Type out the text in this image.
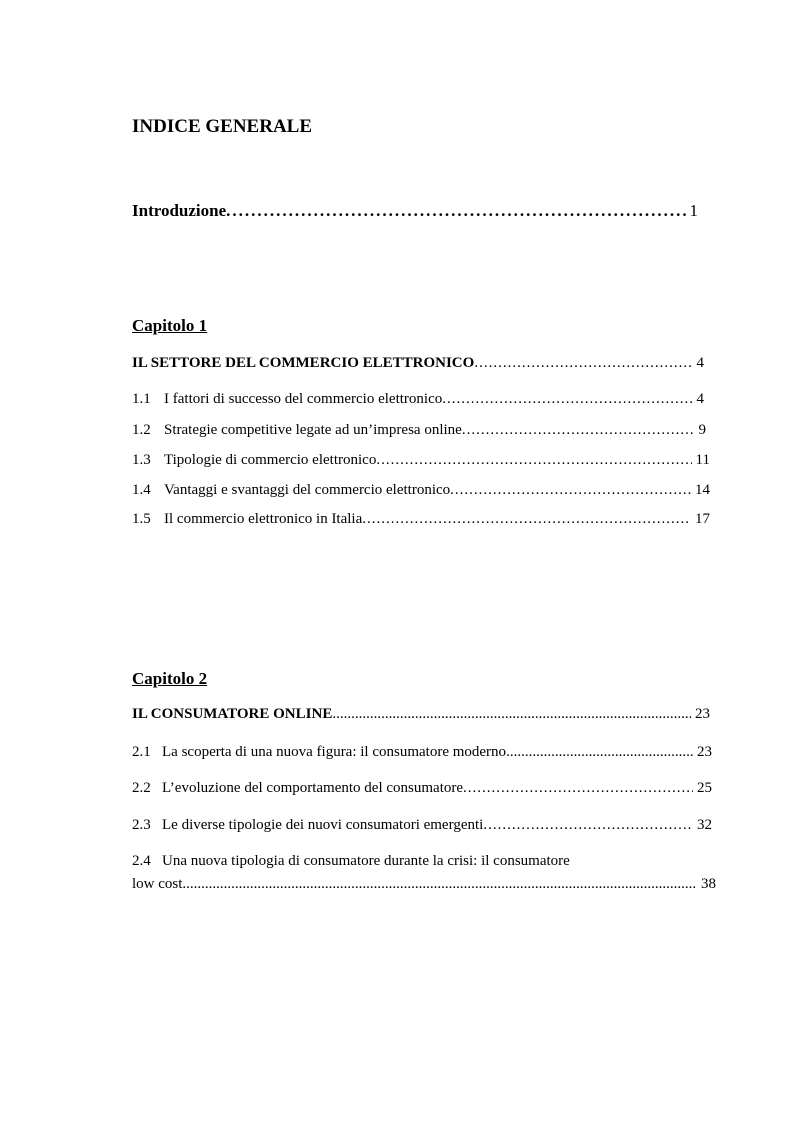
INDICE GENERALE
Introduzione .....	1
Capitolo 1
IL SETTORE DEL COMMERCIO ELETTRONICO .....	4
1.1 I fattori di successo del commercio elettronico .....	4
1.2 Strategie competitive legate ad un’impresa online .....	9
1.3 Tipologie di commercio elettronico .....	11
1.4 Vantaggi e svantaggi del commercio elettronico .....	14
1.5 Il commercio elettronico in Italia .....	17
Capitolo 2
IL CONSUMATORE ONLINE .....	23
2.1 La scoperta di una nuova figura: il consumatore moderno .....	23
2.2 L’evoluzione del comportamento del consumatore .....	25
2.3 Le diverse tipologie dei nuovi consumatori emergenti .....	32
2.4 Una nuova tipologia di consumatore durante la crisi: il consumatore
low cost .....	38
